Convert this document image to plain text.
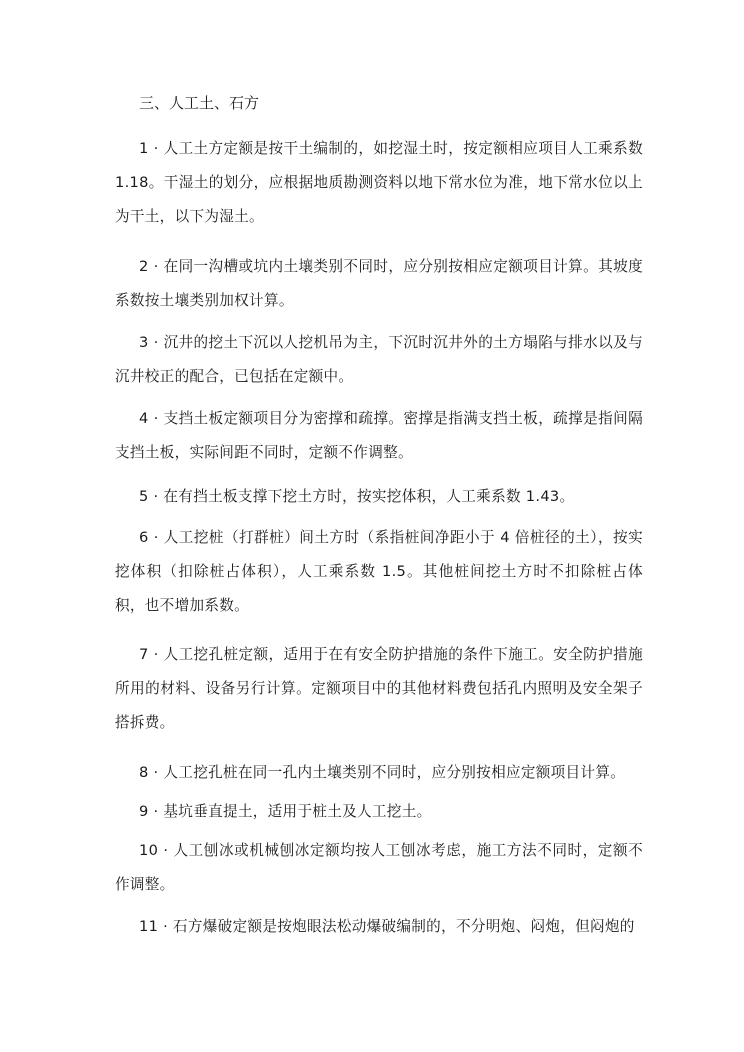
三、人工土、石方
1 · 人工土方定额是按干土编制的，如挖湿土时，按定额相应项目人工乘系数 1.18。干湿土的划分，应根据地质勘测资料以地下常水位为准，地下常水位以上为干土，以下为湿土。
2 · 在同一沟槽或坑内土壤类别不同时，应分别按相应定额项目计算。其坡度系数按土壤类别加权计算。
3 · 沉井的挖土下沉以人挖机吊为主，下沉时沉井外的土方塌陷与排水以及与沉井校正的配合，已包括在定额中。
4 · 支挡土板定额项目分为密撑和疏撑。密撑是指满支挡土板，疏撑是指间隔支挡土板，实际间距不同时，定额不作调整。
5 · 在有挡土板支撑下挖土方时，按实挖体积，人工乘系数 1.43。
6 · 人工挖桩（打群桩）间土方时（系指桩间净距小于 4 倍桩径的土），按实挖体积（扣除桩占体积），人工乘系数 1.5。其他桩间挖土方时不扣除桩占体积，也不增加系数。
7 · 人工挖孔桩定额，适用于在有安全防护措施的条件下施工。安全防护措施所用的材料、设备另行计算。定额项目中的其他材料费包括孔内照明及安全架子搭拆费。
8 · 人工挖孔桩在同一孔内土壤类别不同时，应分别按相应定额项目计算。
9 · 基坑垂直提土，适用于桩土及人工挖土。
10 · 人工刨冰或机械刨冰定额均按人工刨冰考虑，施工方法不同时，定额不作调整。
11 · 石方爆破定额是按炮眼法松动爆破编制的，不分明炮、闷炮，但闷炮的
